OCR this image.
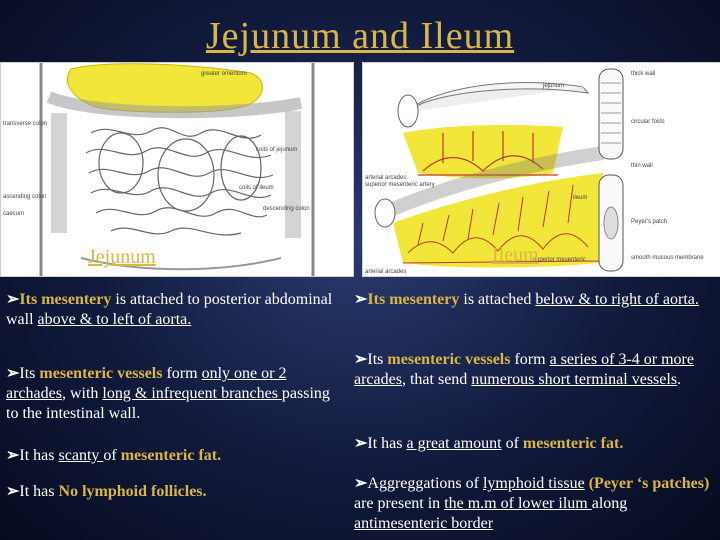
Jejunum and Ileum
greater omentum
transverse colon
coils of jejunum
ascending colon
caecum
coils of ileum
descending colon
jejunum
arterial arcades
superior mesenteric artery
thick wall
circular folds
thin wall
ileum
Peyer's patch
superior mesenteric
arterial arcades
smooth mucous membrane
Jejunum	Ileum

➢Its mesentery is attached to posterior abdominal wall above & to left of aorta.

➢Its mesenteric vessels form only one or 2 archades, with long & infrequent branches passing to the intestinal wall.

➢It has scanty of mesenteric fat.

➢It has No lymphoid follicles.

➢Its mesentery is attached below & to right of aorta.

➢Its mesenteric vessels form a series of 3-4 or more arcades, that send numerous short terminal vessels.

➢It has a great amount of mesenteric fat.

➢Aggreggations of lymphoid tissue (Peyer ‘s patches) are present in the m.m of lower ilum along antimesenteric border
